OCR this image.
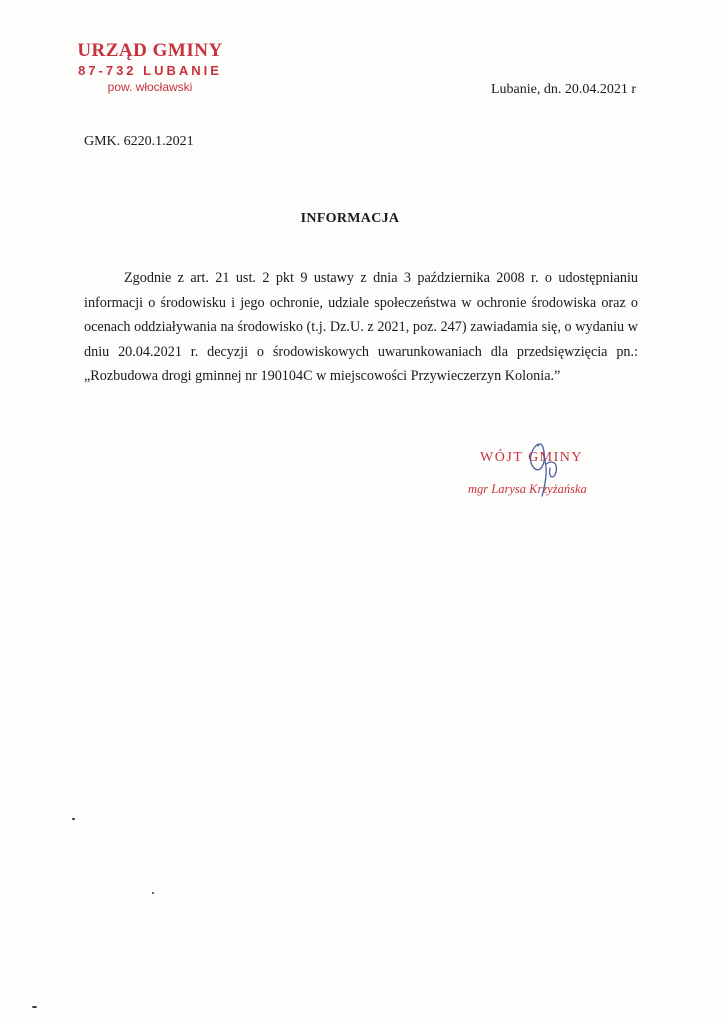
URZĄD GMINY
87-732 LUBANIE
pow. włocławski	Lubanie, dn. 20.04.2021 r
GMK. 6220.1.2021
INFORMACJA

Zgodnie z art. 21 ust. 2 pkt 9 ustawy z dnia 3 października 2008 r. o udostępnianiu informacji o środowisku i jego ochronie, udziale społeczeństwa w ochronie środowiska oraz o ocenach oddziaływania na środowisko (t.j. Dz.U. z 2021, poz. 247) zawiadamia się, o wydaniu w dniu 20.04.2021 r. decyzji o środowiskowych uwarunkowaniach dla przedsięwzięcia pn.: „Rozbudowa drogi gminnej nr 190104C w miejscowości Przywieczerzyn Kolonia.”

WÓJT GMINY
mgr Larysa Krzyżańska
